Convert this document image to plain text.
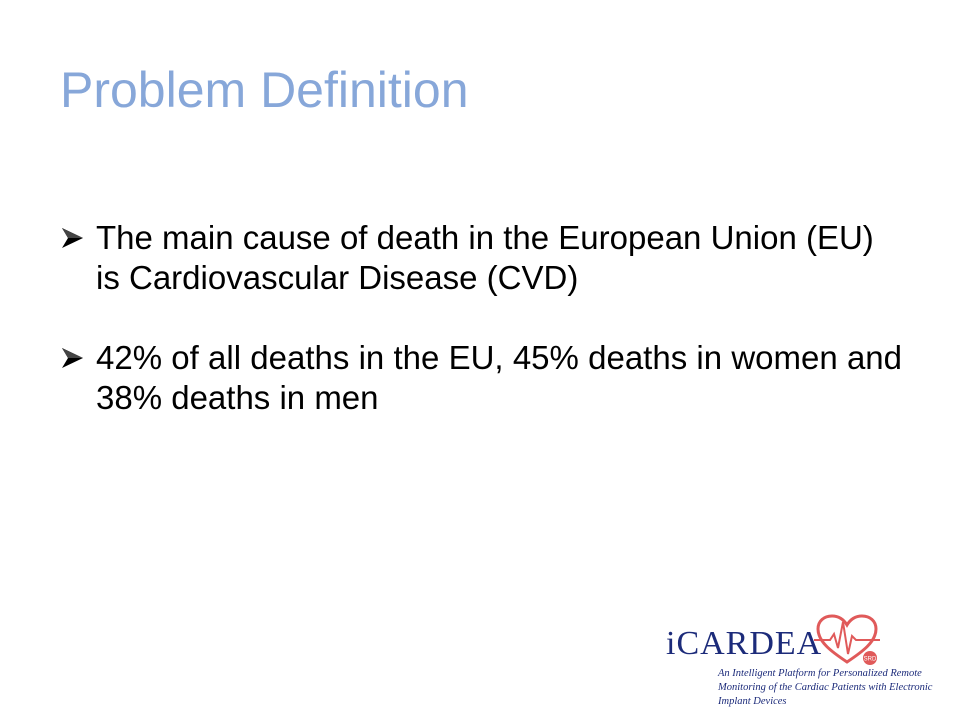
Problem Definition
The main cause of death in the European Union (EU) is Cardiovascular Disease (CVD)
42% of all deaths in the EU, 45% deaths in women and 38% deaths in men
iCARDEA	SRD
An Intelligent Platform for Personalized Remote Monitoring of the Cardiac Patients with Electronic Implant Devices
